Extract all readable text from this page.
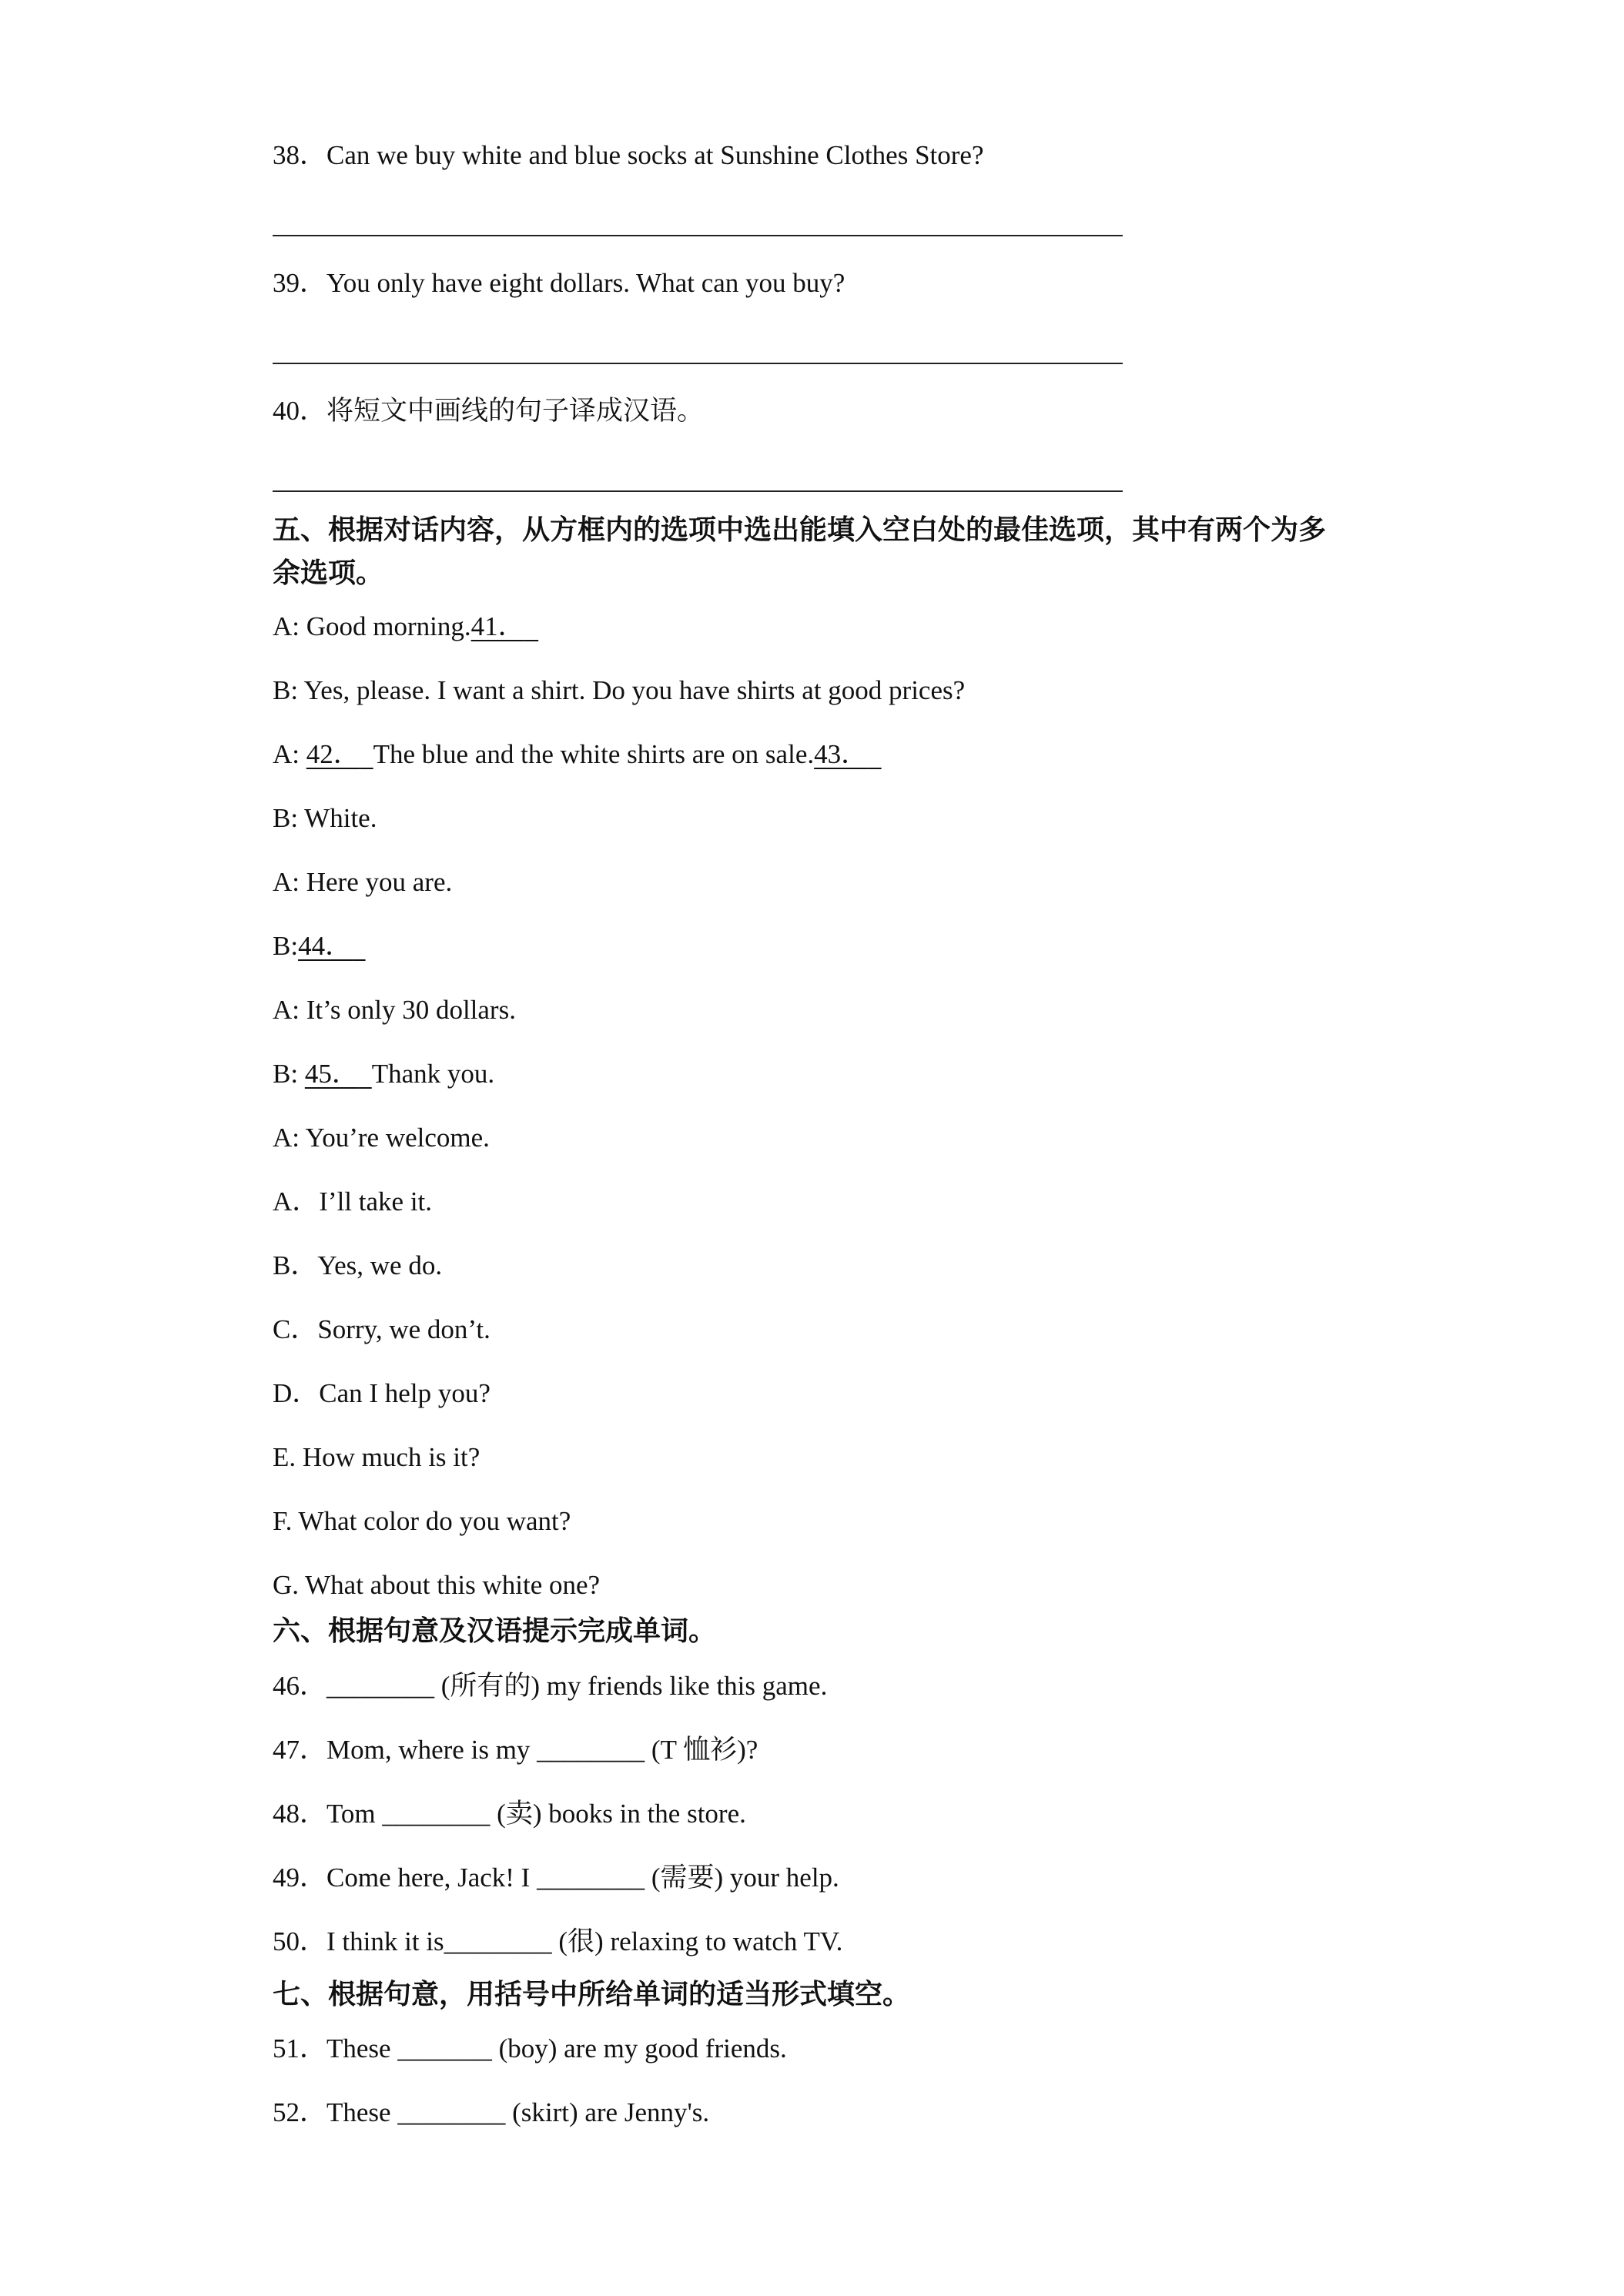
38．Can we buy white and blue socks at Sunshine Clothes Store?
39．You only have eight dollars. What can you buy?
40．将短文中画线的句子译成汉语。
五、根据对话内容，从方框内的选项中选出能填入空白处的最佳选项，其中有两个为多
余选项。
A: Good morning.41．
B: Yes, please. I want a shirt. Do you have shirts at good prices?
A: 42． The blue and the white shirts are on sale.43．
B: White.
A: Here you are.
B:44．
A: It’s only 30 dollars.
B: 45． Thank you.
A: You’re welcome.
A．I’ll take it.
B．Yes, we do.
C．Sorry, we don’t.
D．Can I help you?
E. How much is it?
F. What color do you want?
G. What about this white one?
六、根据句意及汉语提示完成单词。
46．________ (所有的) my friends like this game.
47．Mom, where is my ________ (T 恤衫)?
48．Tom ________ (卖) books in the store.
49．Come here, Jack! I ________ (需要) your help.
50．I think it is________ (很) relaxing to watch TV.
七、根据句意，用括号中所给单词的适当形式填空。
51．These _______ (boy) are my good friends.
52．These ________ (skirt) are Jenny's.
